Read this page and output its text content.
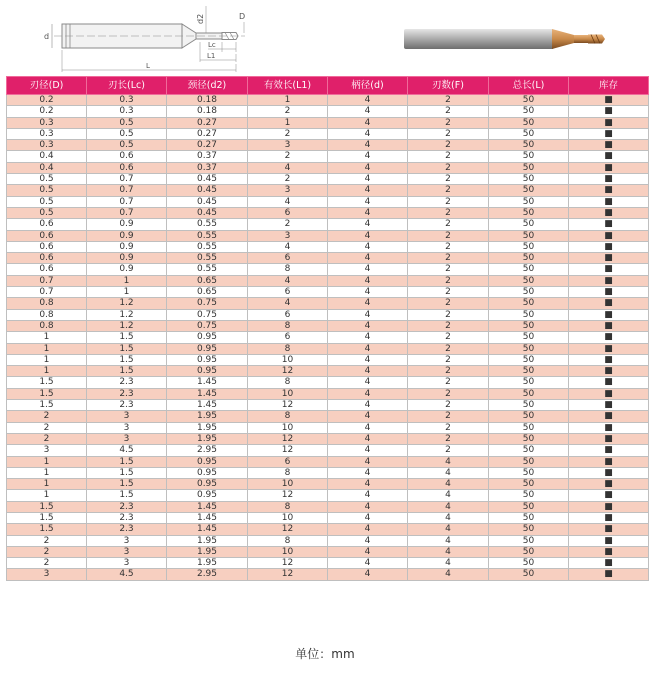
d
d2	D
Lc
L1
L
刃径(D)	刃长(Lc)	颈径(d2)	有效长(L1)	柄径(d)	刃数(F)	总长(L)	库存
0.2	0.3	0.18	1	4	2	50	■
0.2	0.3	0.18	2	4	2	50	■
0.3	0.5	0.27	1	4	2	50	■
0.3	0.5	0.27	2	4	2	50	■
0.3	0.5	0.27	3	4	2	50	■
0.4	0.6	0.37	2	4	2	50	■
0.4	0.6	0.37	4	4	2	50	■
0.5	0.7	0.45	2	4	2	50	■
0.5	0.7	0.45	3	4	2	50	■
0.5	0.7	0.45	4	4	2	50	■
0.5	0.7	0.45	6	4	2	50	■
0.6	0.9	0.55	2	4	2	50	■
0.6	0.9	0.55	3	4	2	50	■
0.6	0.9	0.55	4	4	2	50	■
0.6	0.9	0.55	6	4	2	50	■
0.6	0.9	0.55	8	4	2	50	■
0.7	1	0.65	4	4	2	50	■
0.7	1	0.65	6	4	2	50	■
0.8	1.2	0.75	4	4	2	50	■
0.8	1.2	0.75	6	4	2	50	■
0.8	1.2	0.75	8	4	2	50	■
1	1.5	0.95	6	4	2	50	■
1	1.5	0.95	8	4	2	50	■
1	1.5	0.95	10	4	2	50	■
1	1.5	0.95	12	4	2	50	■
1.5	2.3	1.45	8	4	2	50	■
1.5	2.3	1.45	10	4	2	50	■
1.5	2.3	1.45	12	4	2	50	■
2	3	1.95	8	4	2	50	■
2	3	1.95	10	4	2	50	■
2	3	1.95	12	4	2	50	■
3	4.5	2.95	12	4	2	50	■
1	1.5	0.95	6	4	4	50	■
1	1.5	0.95	8	4	4	50	■
1	1.5	0.95	10	4	4	50	■
1	1.5	0.95	12	4	4	50	■
1.5	2.3	1.45	8	4	4	50	■
1.5	2.3	1.45	10	4	4	50	■
1.5	2.3	1.45	12	4	4	50	■
2	3	1.95	8	4	4	50	■
2	3	1.95	10	4	4	50	■
2	3	1.95	12	4	4	50	■
3	4.5	2.95	12	4	4	50	■
单位：mm
